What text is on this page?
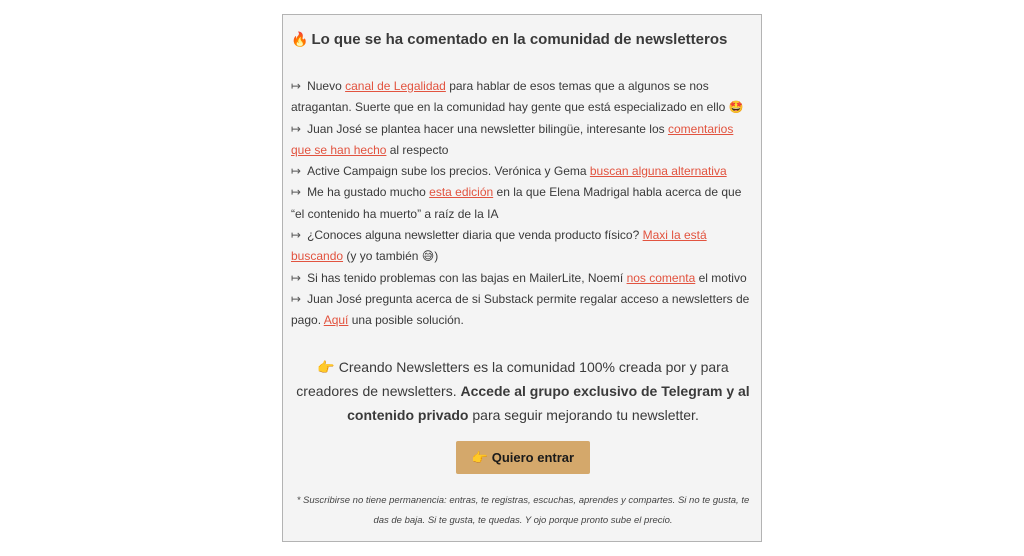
🔥 Lo que se ha comentado en la comunidad de newsletteros
↦ Nuevo canal de Legalidad para hablar de esos temas que a algunos se nos atragantan. Suerte que en la comunidad hay gente que está especializado en ello 🤩
↦ Juan José se plantea hacer una newsletter bilingüe, interesante los comentarios que se han hecho al respecto
↦ Active Campaign sube los precios. Verónica y Gema buscan alguna alternativa
↦ Me ha gustado mucho esta edición en la que Elena Madrigal habla acerca de que “el contenido ha muerto” a raíz de la IA
↦ ¿Conoces alguna newsletter diaria que venda producto físico? Maxi la está buscando (y yo también 😅)
↦ Si has tenido problemas con las bajas en MailerLite, Noemí nos comenta el motivo
↦ Juan José pregunta acerca de si Substack permite regalar acceso a newsletters de pago. Aquí una posible solución.
👉 Creando Newsletters es la comunidad 100% creada por y para creadores de newsletters. Accede al grupo exclusivo de Telegram y al contenido privado para seguir mejorando tu newsletter.
👉 Quiero entrar
* Suscribirse no tiene permanencia: entras, te registras, escuchas, aprendes y compartes. Si no te gusta, te das de baja. Si te gusta, te quedas. Y ojo porque pronto sube el precio.
